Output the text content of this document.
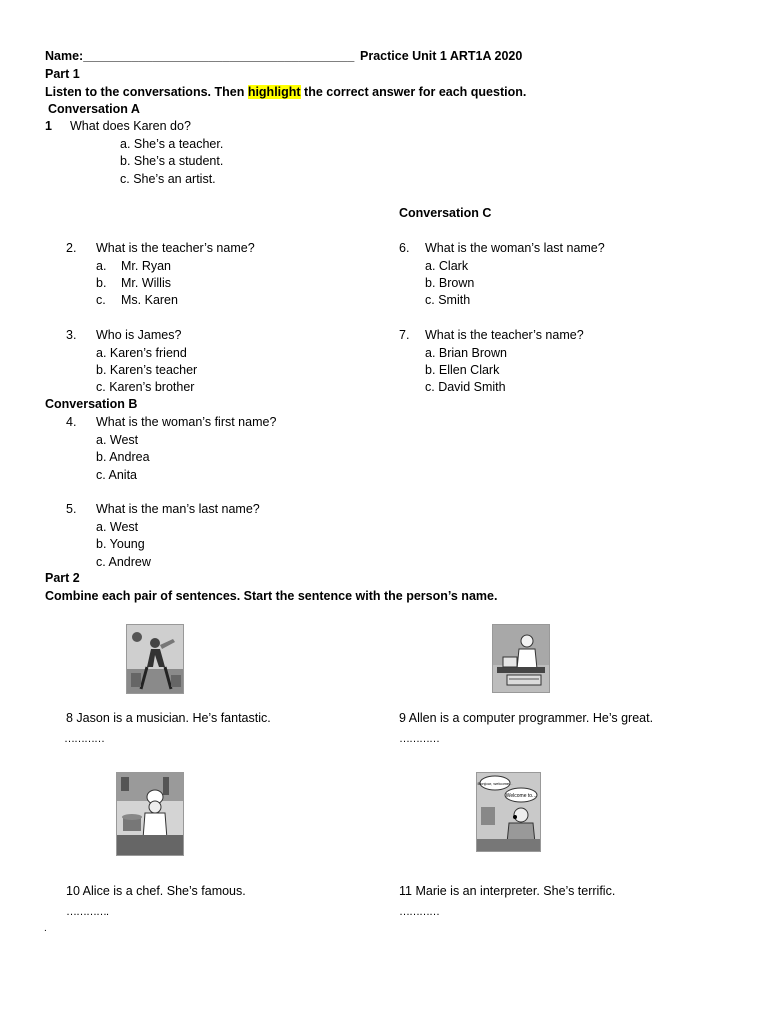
Name:_______________________________________ Practice Unit 1 ART1A 2020
Part 1
Listen to the conversations. Then highlight the correct answer for each question.
Conversation A
1 What does Karen do?
a. She’s a teacher.
b. She’s a student.
c. She’s an artist.
Conversation C
2. What is the teacher’s name?
a. Mr. Ryan
b. Mr. Willis
c. Ms. Karen
6. What is the woman’s last name?
a. Clark
b. Brown
c. Smith
3. Who is James?
a. Karen’s friend
b. Karen’s teacher
c. Karen’s brother
7. What is the teacher’s name?
a. Brian Brown
b. Ellen Clark
c. David Smith
Conversation B
4. What is the woman’s first name?
a. West
b. Andrea
c. Anita
5. What is the man’s last name?
a. West
b. Young
c. Andrew
Part 2
Combine each pair of sentences. Start the sentence with the person’s name.
8 Jason is a musician. He’s fantastic.	9 Allen is a computer programmer. He’s great.
…………	…………
Bonjour, welcome...
Welcome to...
10 Alice is a chef. She’s famous.	11 Marie is an interpreter. She’s terrific.
………….	…………
.
